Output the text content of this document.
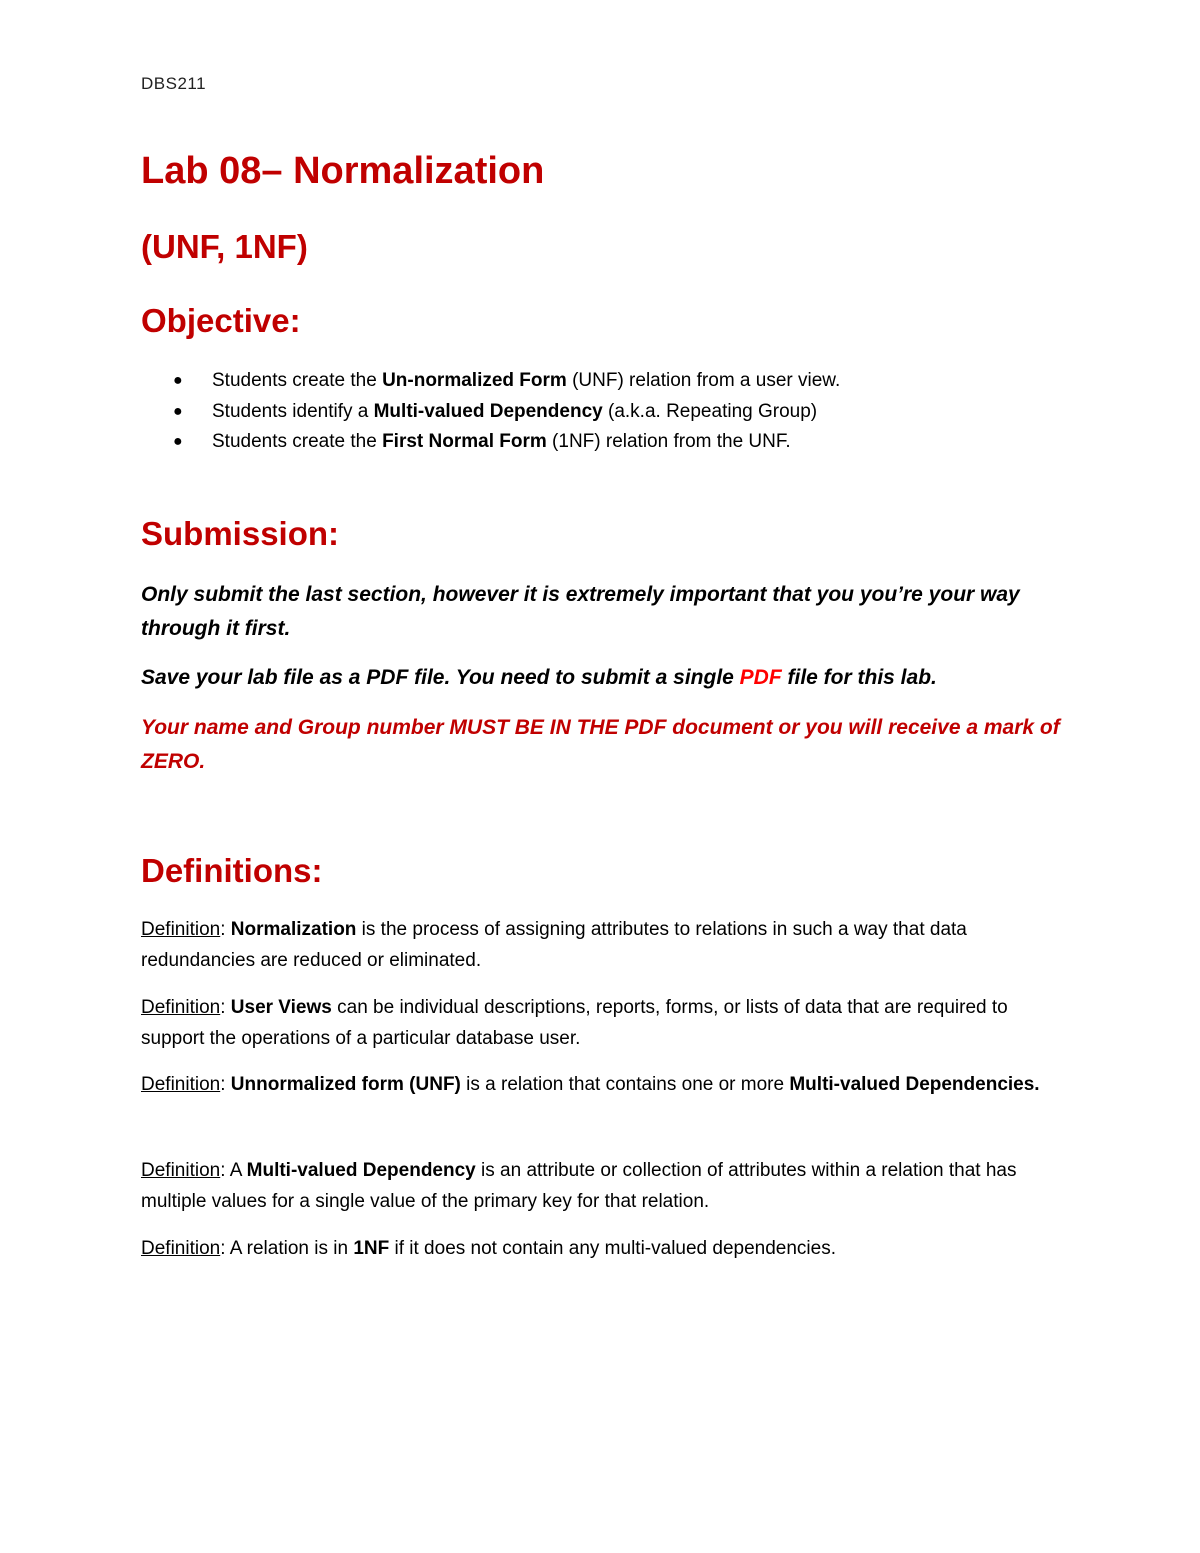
DBS211
Lab 08– Normalization
(UNF, 1NF)
Objective:
● Students create the Un-normalized Form (UNF) relation from a user view.
● Students identify a Multi-valued Dependency (a.k.a. Repeating Group)
● Students create the First Normal Form (1NF) relation from the UNF.
Submission:

Only submit the last section, however it is extremely important that you you’re your way through it first.

Save your lab file as a PDF file. You need to submit a single PDF file for this lab.

Your name and Group number MUST BE IN THE PDF document or you will receive a mark of ZERO.

Definitions:

Definition: Normalization is the process of assigning attributes to relations in such a way that data redundancies are reduced or eliminated.

Definition: User Views can be individual descriptions, reports, forms, or lists of data that are required to support the operations of a particular database user.

Definition: Unnormalized form (UNF) is a relation that contains one or more Multi-valued Dependencies.

Definition: A Multi-valued Dependency is an attribute or collection of attributes within a relation that has multiple values for a single value of the primary key for that relation.

Definition: A relation is in 1NF if it does not contain any multi-valued dependencies.
